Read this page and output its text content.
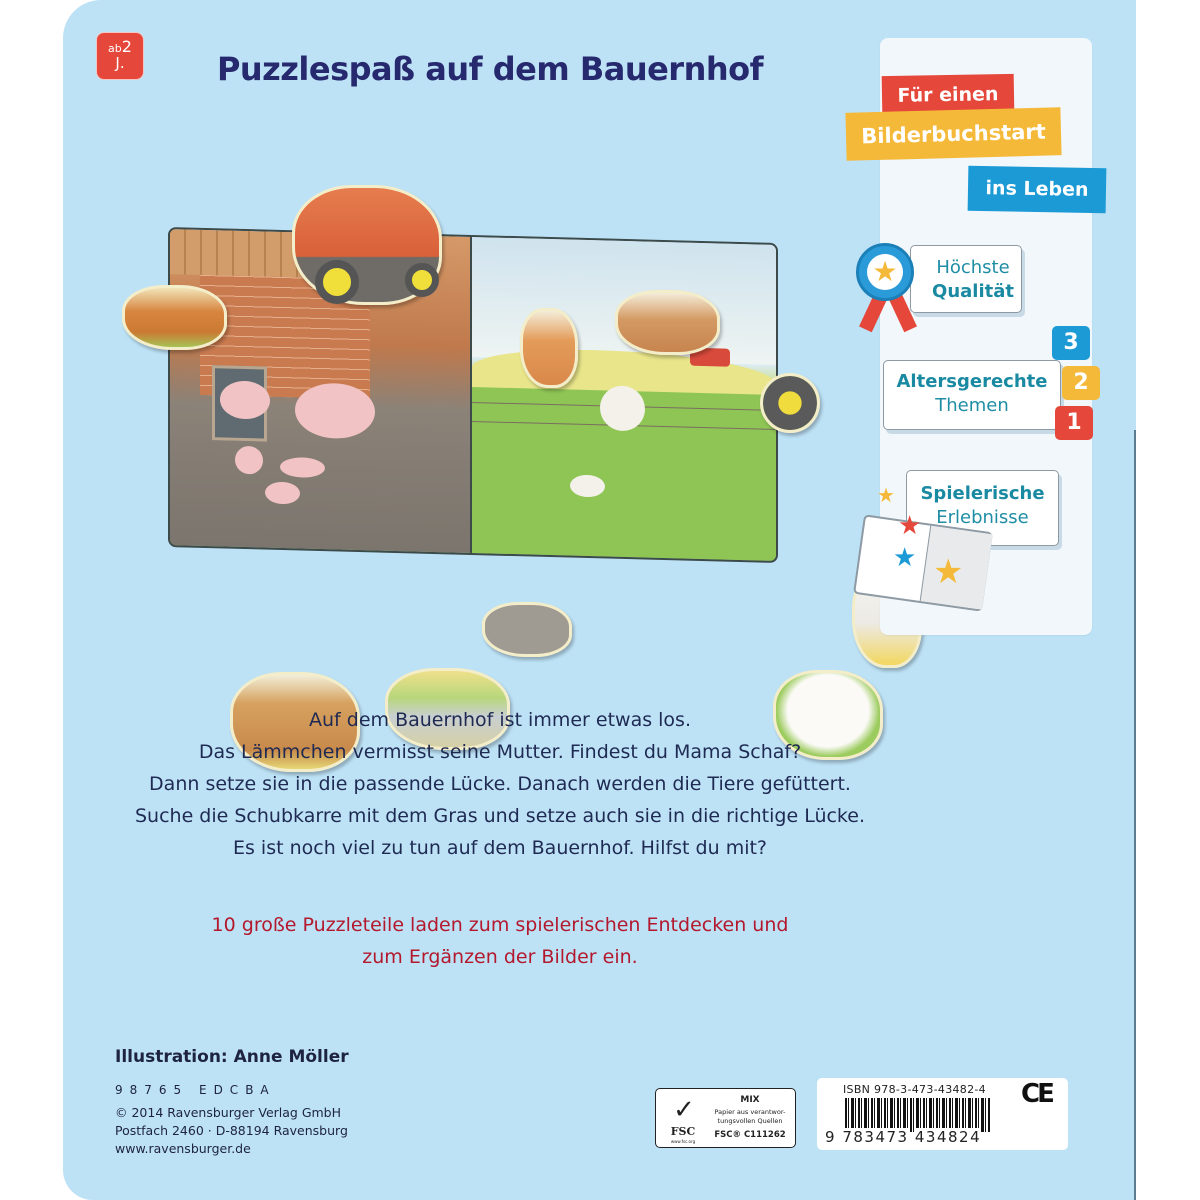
ab2
J.	Puzzlespaß auf dem Bauernhof
Für einen
Bilderbuchstart
ins Leben
Höchste
Qualität
★
Altersgerechte
Themen
3
2
1
Spielerische
Erlebnisse
★
★
★ ★
Auf dem Bauernhof ist immer etwas los.
Das Lämmchen vermisst seine Mutter. Findest du Mama Schaf?
Dann setze sie in die passende Lücke. Danach werden die Tiere gefüttert.
Suche die Schubkarre mit dem Gras und setze auch sie in die richtige Lücke.
Es ist noch viel zu tun auf dem Bauernhof. Hilfst du mit?
10 große Puzzleteile laden zum spielerischen Entdecken und
zum Ergänzen der Bilder ein.
Illustration: Anne Möller
98765 EDCBA
© 2014 Ravensburger Verlag GmbH
Postfach 2460 · D-88194 Ravensburg
www.ravensburger.de
✓
FSC
www.fsc.org
MIX
Papier aus verantwor-
tungsvollen Quellen
FSC® C111262
ISBN 978-3-473-43482-4
9 783473 434824
CE
